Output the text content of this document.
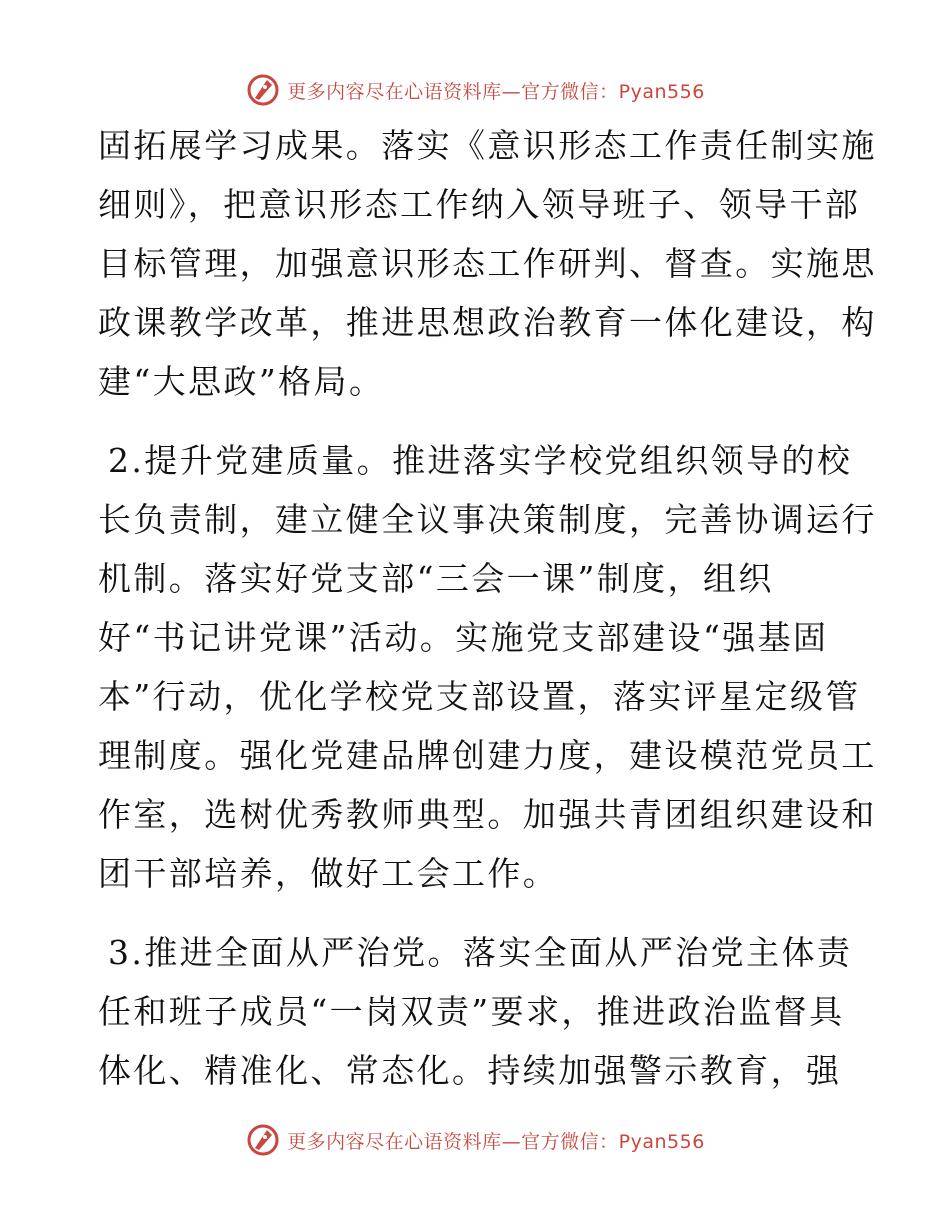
更多内容尽在心语资料库—官方微信：Pyan556
固拓展学习成果。落实《意识形态工作责任制实施
细则》，把意识形态工作纳入领导班子、领导干部
目标管理，加强意识形态工作研判、督查。实施思
政课教学改革，推进思想政治教育一体化建设，构
建“大思政”格局。
2.提升党建质量。推进落实学校党组织领导的校
长负责制，建立健全议事决策制度，完善协调运行
机制。落实好党支部“三会一课”制度，组织
好“书记讲党课”活动。实施党支部建设“强基固
本”行动，优化学校党支部设置，落实评星定级管
理制度。强化党建品牌创建力度，建设模范党员工
作室，选树优秀教师典型。加强共青团组织建设和
团干部培养，做好工会工作。
3.推进全面从严治党。落实全面从严治党主体责
任和班子成员“一岗双责”要求，推进政治监督具
体化、精准化、常态化。持续加强警示教育，强
更多内容尽在心语资料库—官方微信：Pyan556
